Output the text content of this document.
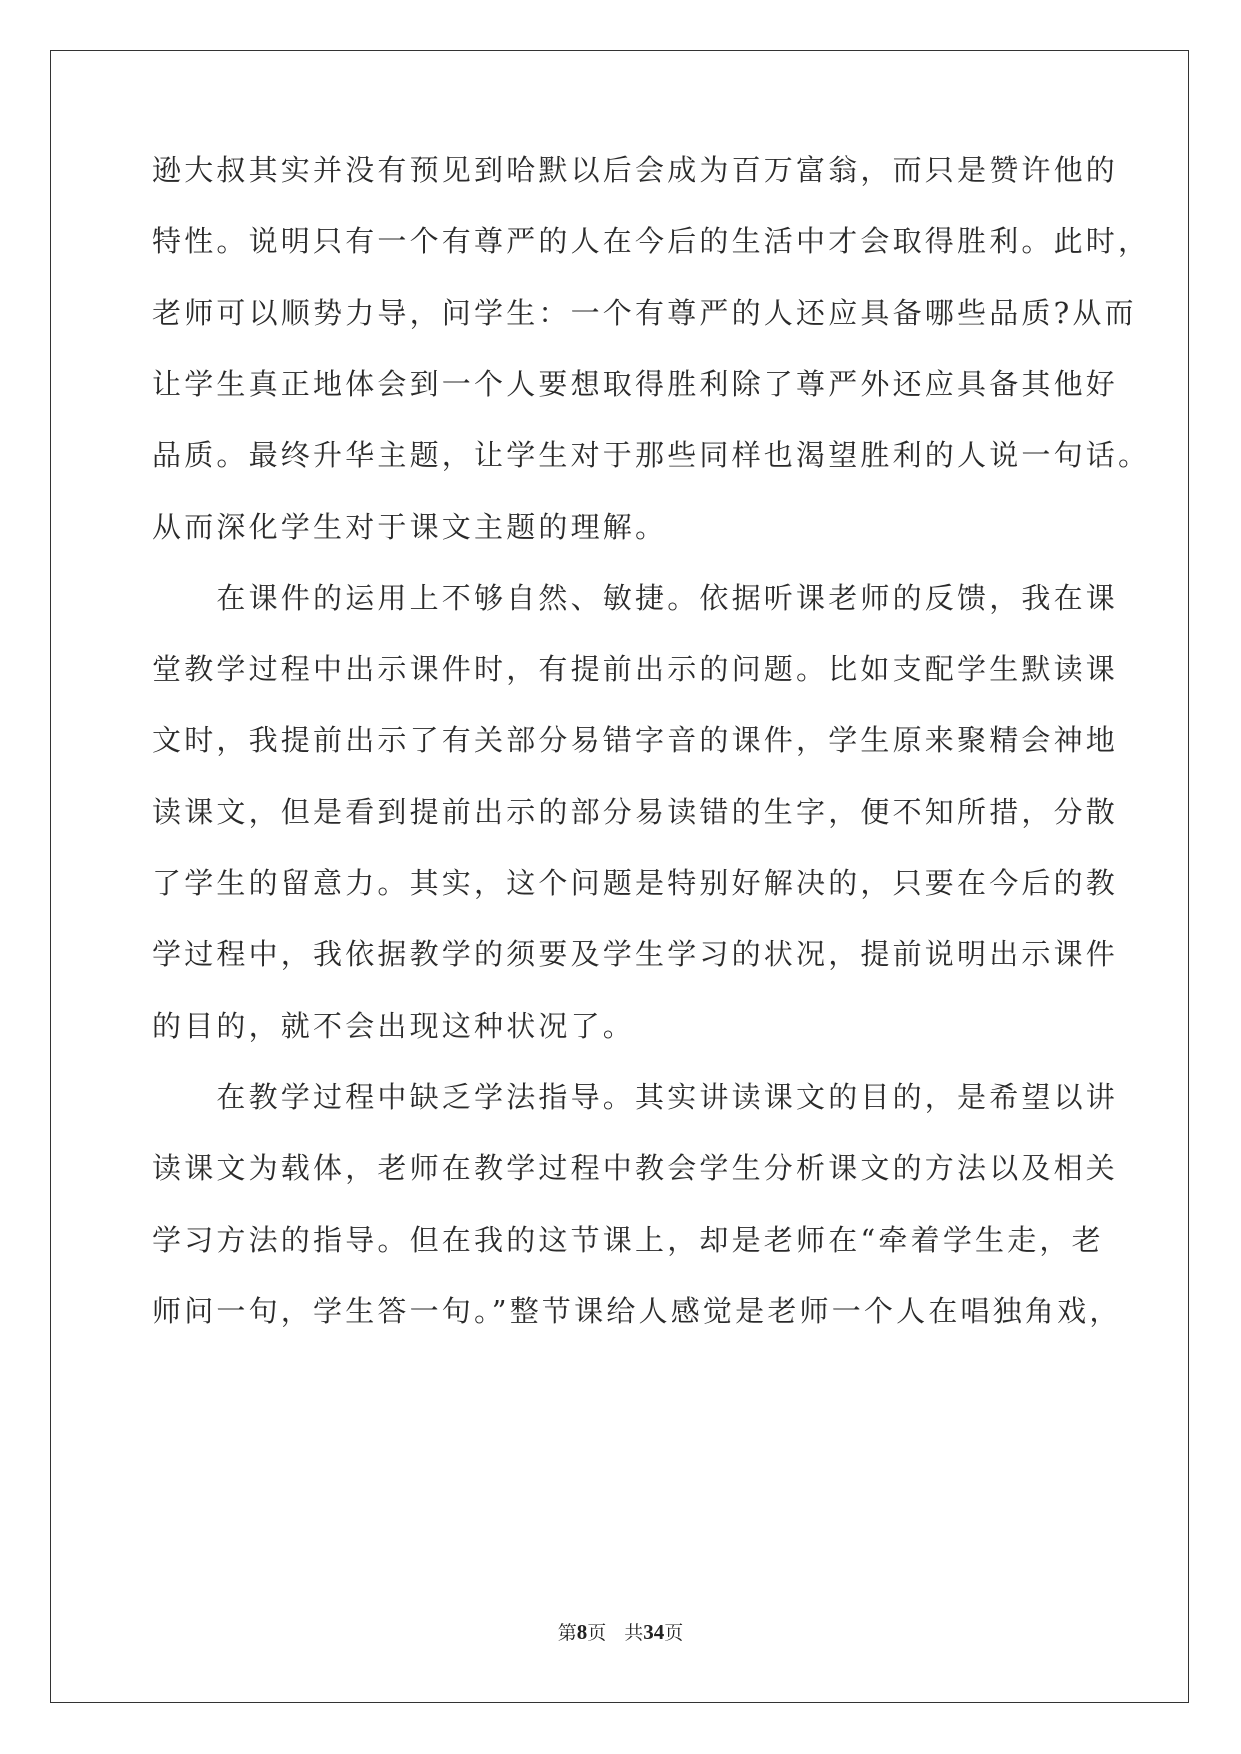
逊大叔其实并没有预见到哈默以后会成为百万富翁，而只是赞许他的
特性。说明只有一个有尊严的人在今后的生活中才会取得胜利。此时，
老师可以顺势力导，问学生：一个有尊严的人还应具备哪些品质?从而
让学生真正地体会到一个人要想取得胜利除了尊严外还应具备其他好
品质。最终升华主题，让学生对于那些同样也渴望胜利的人说一句话。
从而深化学生对于课文主题的理解。
　　在课件的运用上不够自然、敏捷。依据听课老师的反馈，我在课
堂教学过程中出示课件时，有提前出示的问题。比如支配学生默读课
文时，我提前出示了有关部分易错字音的课件，学生原来聚精会神地
读课文，但是看到提前出示的部分易读错的生字，便不知所措，分散
了学生的留意力。其实，这个问题是特别好解决的，只要在今后的教
学过程中，我依据教学的须要及学生学习的状况，提前说明出示课件
的目的，就不会出现这种状况了。
　　在教学过程中缺乏学法指导。其实讲读课文的目的，是希望以讲
读课文为载体，老师在教学过程中教会学生分析课文的方法以及相关
学习方法的指导。但在我的这节课上，却是老师在“牵着学生走，老
师问一句，学生答一句。”整节课给人感觉是老师一个人在唱独角戏，
第8页 共34页
